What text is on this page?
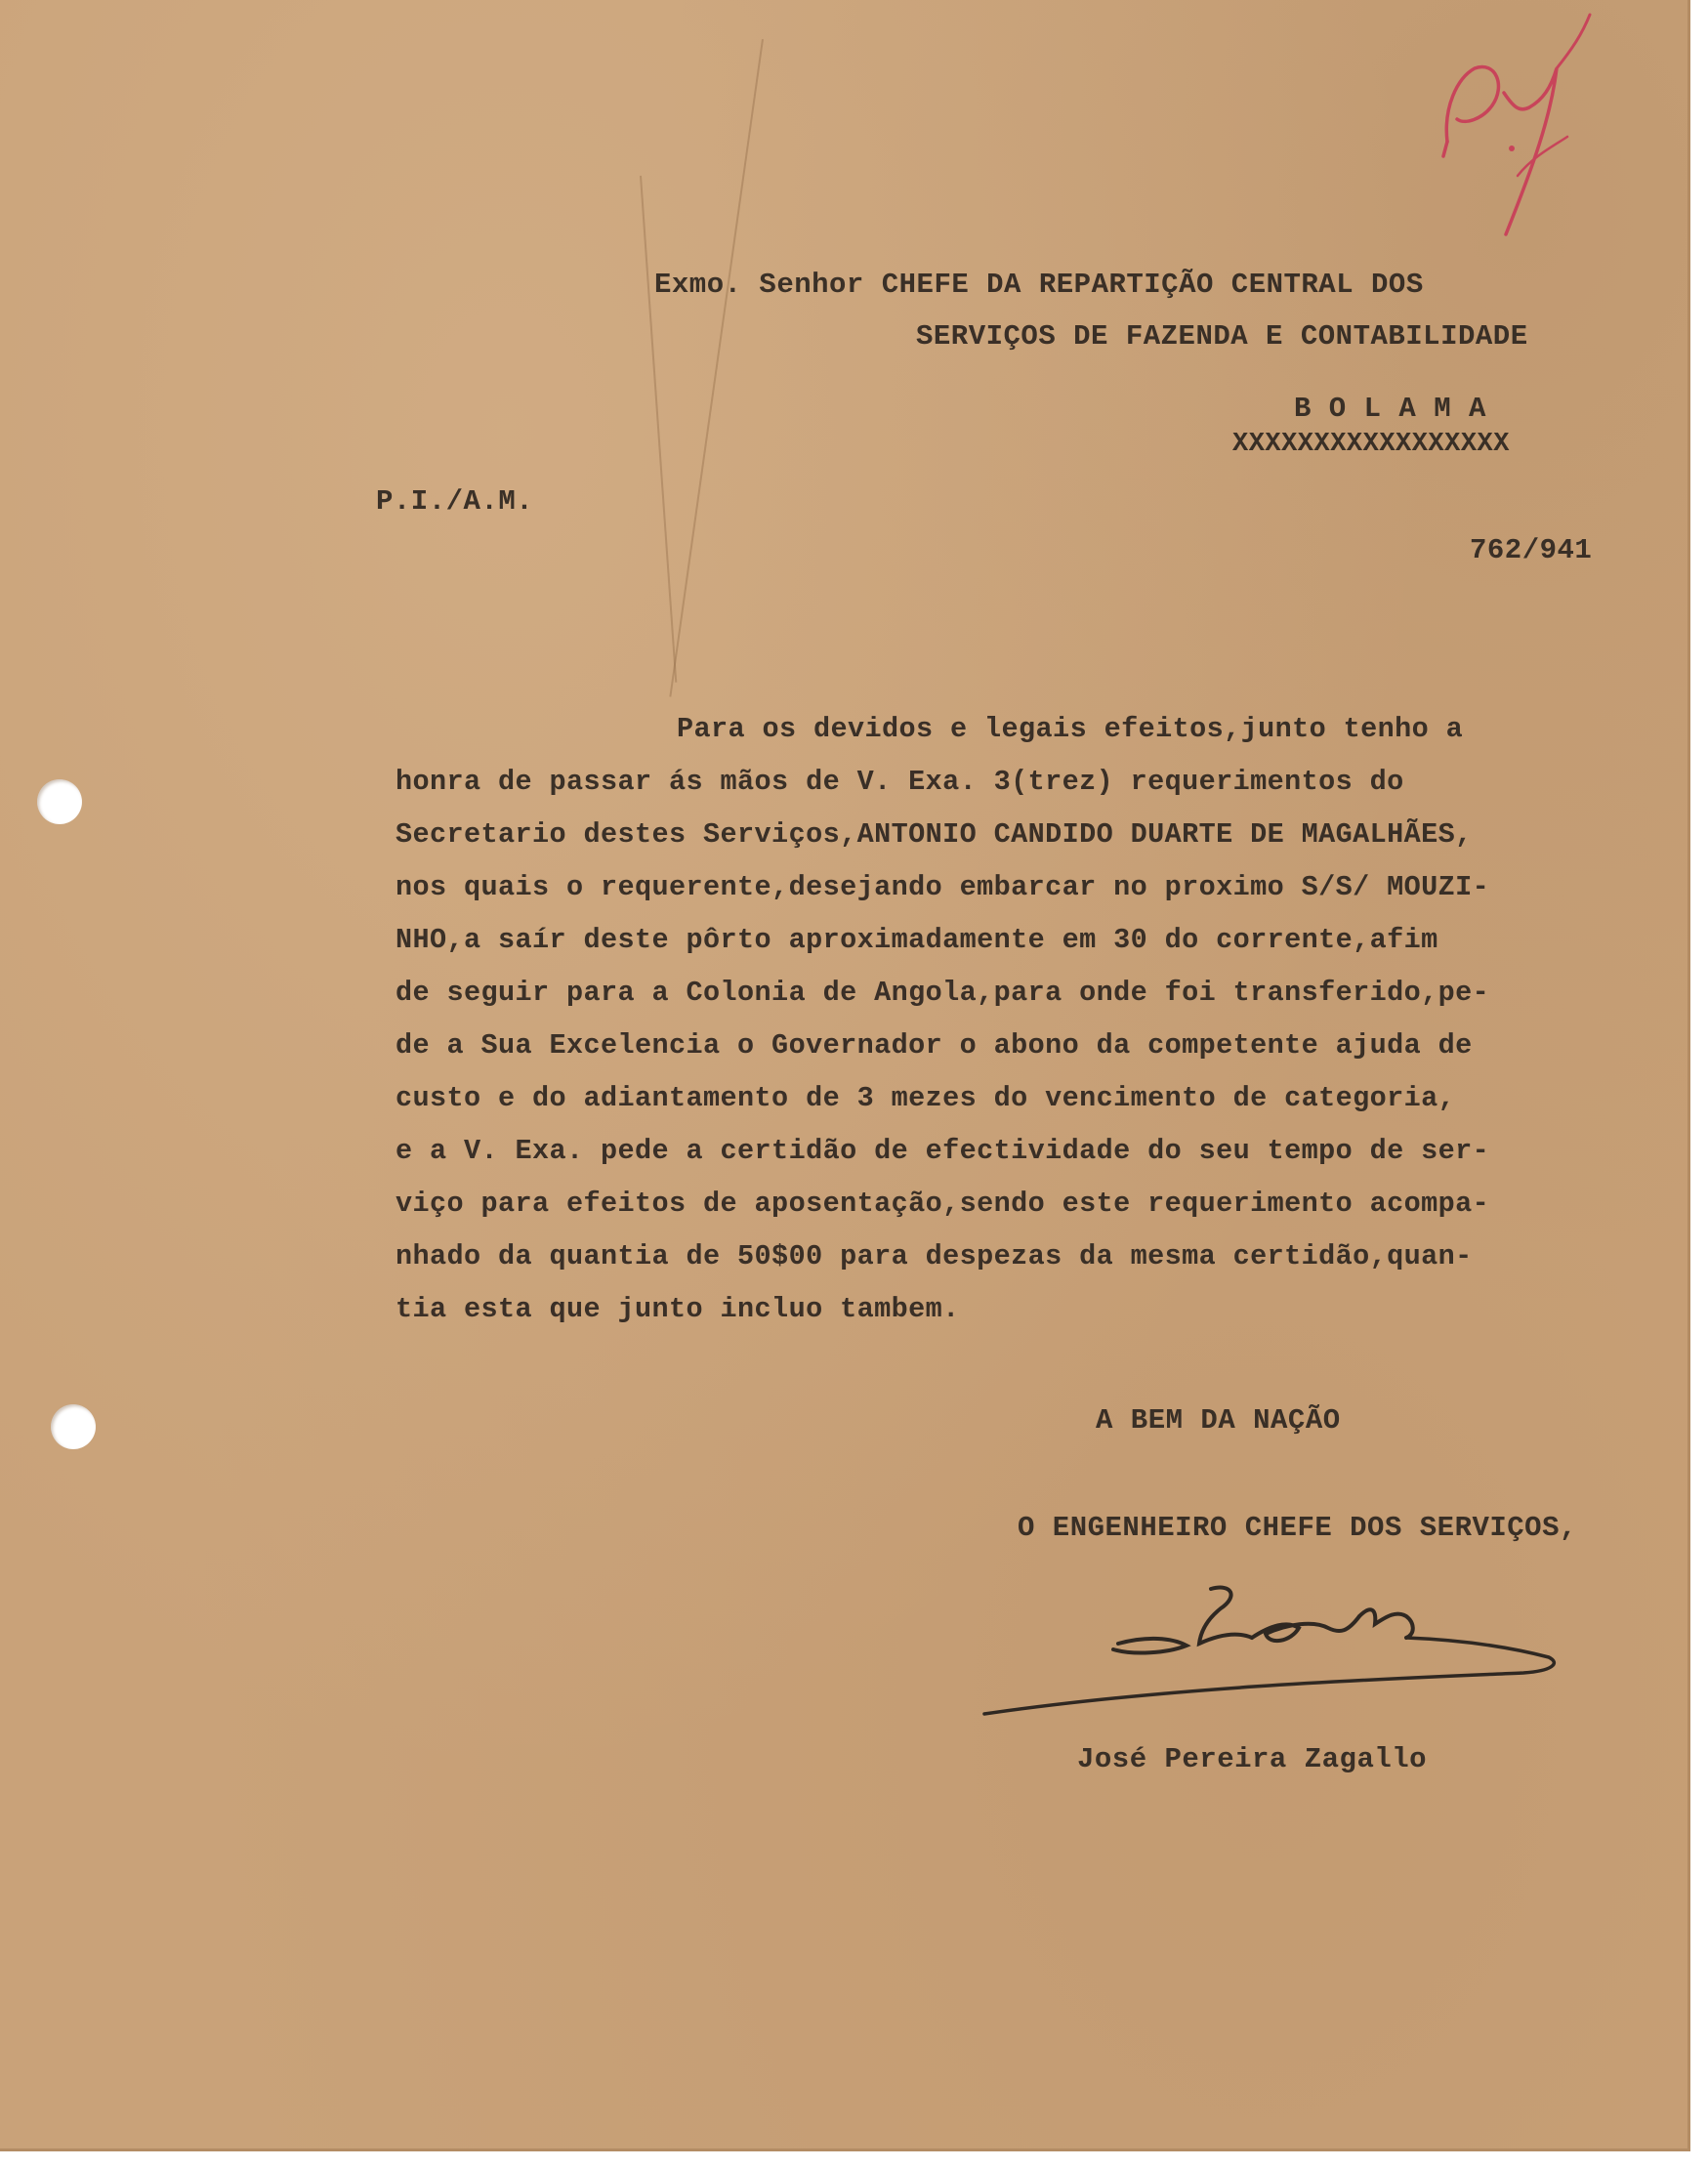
Exmo. Senhor CHEFE DA REPARTIÇÃO CENTRAL DOS

SERVIÇOS DE FAZENDA E CONTABILIDADE

B O L A M A

XXXXXXXXXXXXXXXXX

P.I./A.M.

762/941

Para os devidos e legais efeitos,junto tenho a
honra de passar ás mãos de V. Exa. 3(trez) requerimentos do
Secretario destes Serviços,ANTONIO CANDIDO DUARTE DE MAGALHÃES,
nos quais o requerente,desejando embarcar no proximo S/S/ MOUZI-
NHO,a saír deste pôrto aproximadamente em 30 do corrente,afim
de seguir para a Colonia de Angola,para onde foi transferido,pe-
de a Sua Excelencia o Governador o abono da competente ajuda de
custo e do adiantamento de 3 mezes do vencimento de categoria,
e a V. Exa. pede a certidão de efectividade do seu tempo de ser-
viço para efeitos de aposentação,sendo este requerimento acompa-
nhado da quantia de 50$00 para despezas da mesma certidão,quan-
tia esta que junto incluo tambem.

A BEM DA NAÇÃO

O ENGENHEIRO CHEFE DOS SERVIÇOS,

José Pereira Zagallo
